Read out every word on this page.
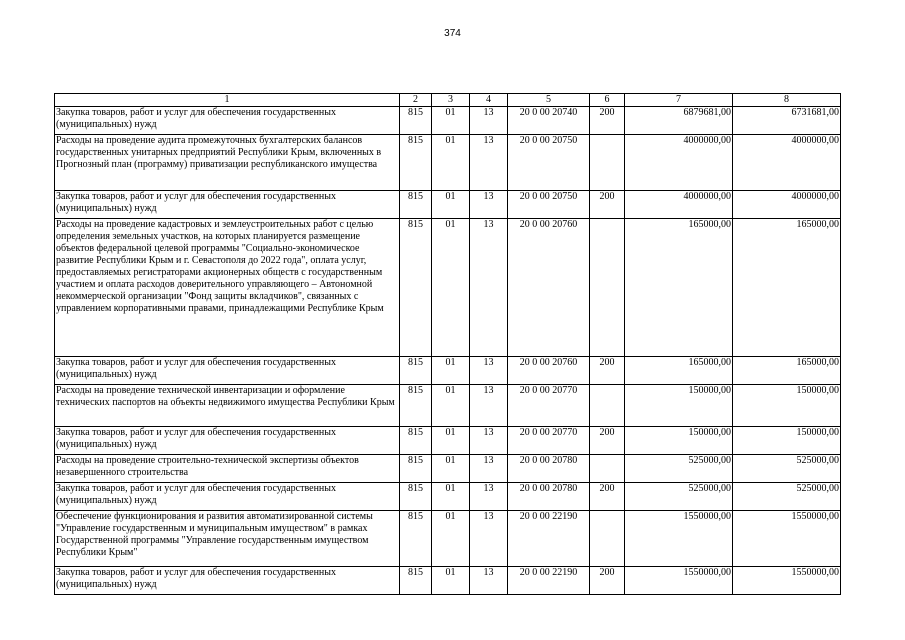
374
1	2	3	4	5	6	7	8
Закупка товаров, работ и услуг для обеспечения государственных (муниципальных) нужд	815	01	13	20 0 00 20740	200	6879681,00	6731681,00
Расходы на проведение аудита промежуточных бухгалтерских балансов государственных унитарных предприятий Республики Крым, включенных в Прогнозный план (программу) приватизации республиканского имущества	815	01	13	20 0 00 20750		4000000,00	4000000,00
Закупка товаров, работ и услуг для обеспечения государственных (муниципальных) нужд	815	01	13	20 0 00 20750	200	4000000,00	4000000,00
Расходы на проведение кадастровых и землеустроительных работ с целью определения земельных участков, на которых планируется размещение объектов федеральной целевой программы "Социально-экономическое развитие Республики Крым и г. Севастополя до 2022 года", оплата услуг, предоставляемых регистраторами акционерных обществ с государственным участием и оплата расходов доверительного управляющего – Автономной некоммерческой организации "Фонд защиты вкладчиков", связанных с управлением корпоративными правами, принадлежащими Республике Крым	815	01	13	20 0 00 20760		165000,00	165000,00
Закупка товаров, работ и услуг для обеспечения государственных (муниципальных) нужд	815	01	13	20 0 00 20760	200	165000,00	165000,00
Расходы на проведение технической инвентаризации и оформление технических паспортов на объекты недвижимого имущества Республики Крым	815	01	13	20 0 00 20770		150000,00	150000,00
Закупка товаров, работ и услуг для обеспечения государственных (муниципальных) нужд	815	01	13	20 0 00 20770	200	150000,00	150000,00
Расходы на проведение строительно-технической экспертизы объектов незавершенного строительства	815	01	13	20 0 00 20780		525000,00	525000,00
Закупка товаров, работ и услуг для обеспечения государственных (муниципальных) нужд	815	01	13	20 0 00 20780	200	525000,00	525000,00
Обеспечение функционирования и развития автоматизированной системы "Управление государственным и муниципальным имуществом" в рамках Государственной программы "Управление государственным имуществом Республики Крым"	815	01	13	20 0 00 22190		1550000,00	1550000,00
Закупка товаров, работ и услуг для обеспечения государственных (муниципальных) нужд	815	01	13	20 0 00 22190	200	1550000,00	1550000,00
